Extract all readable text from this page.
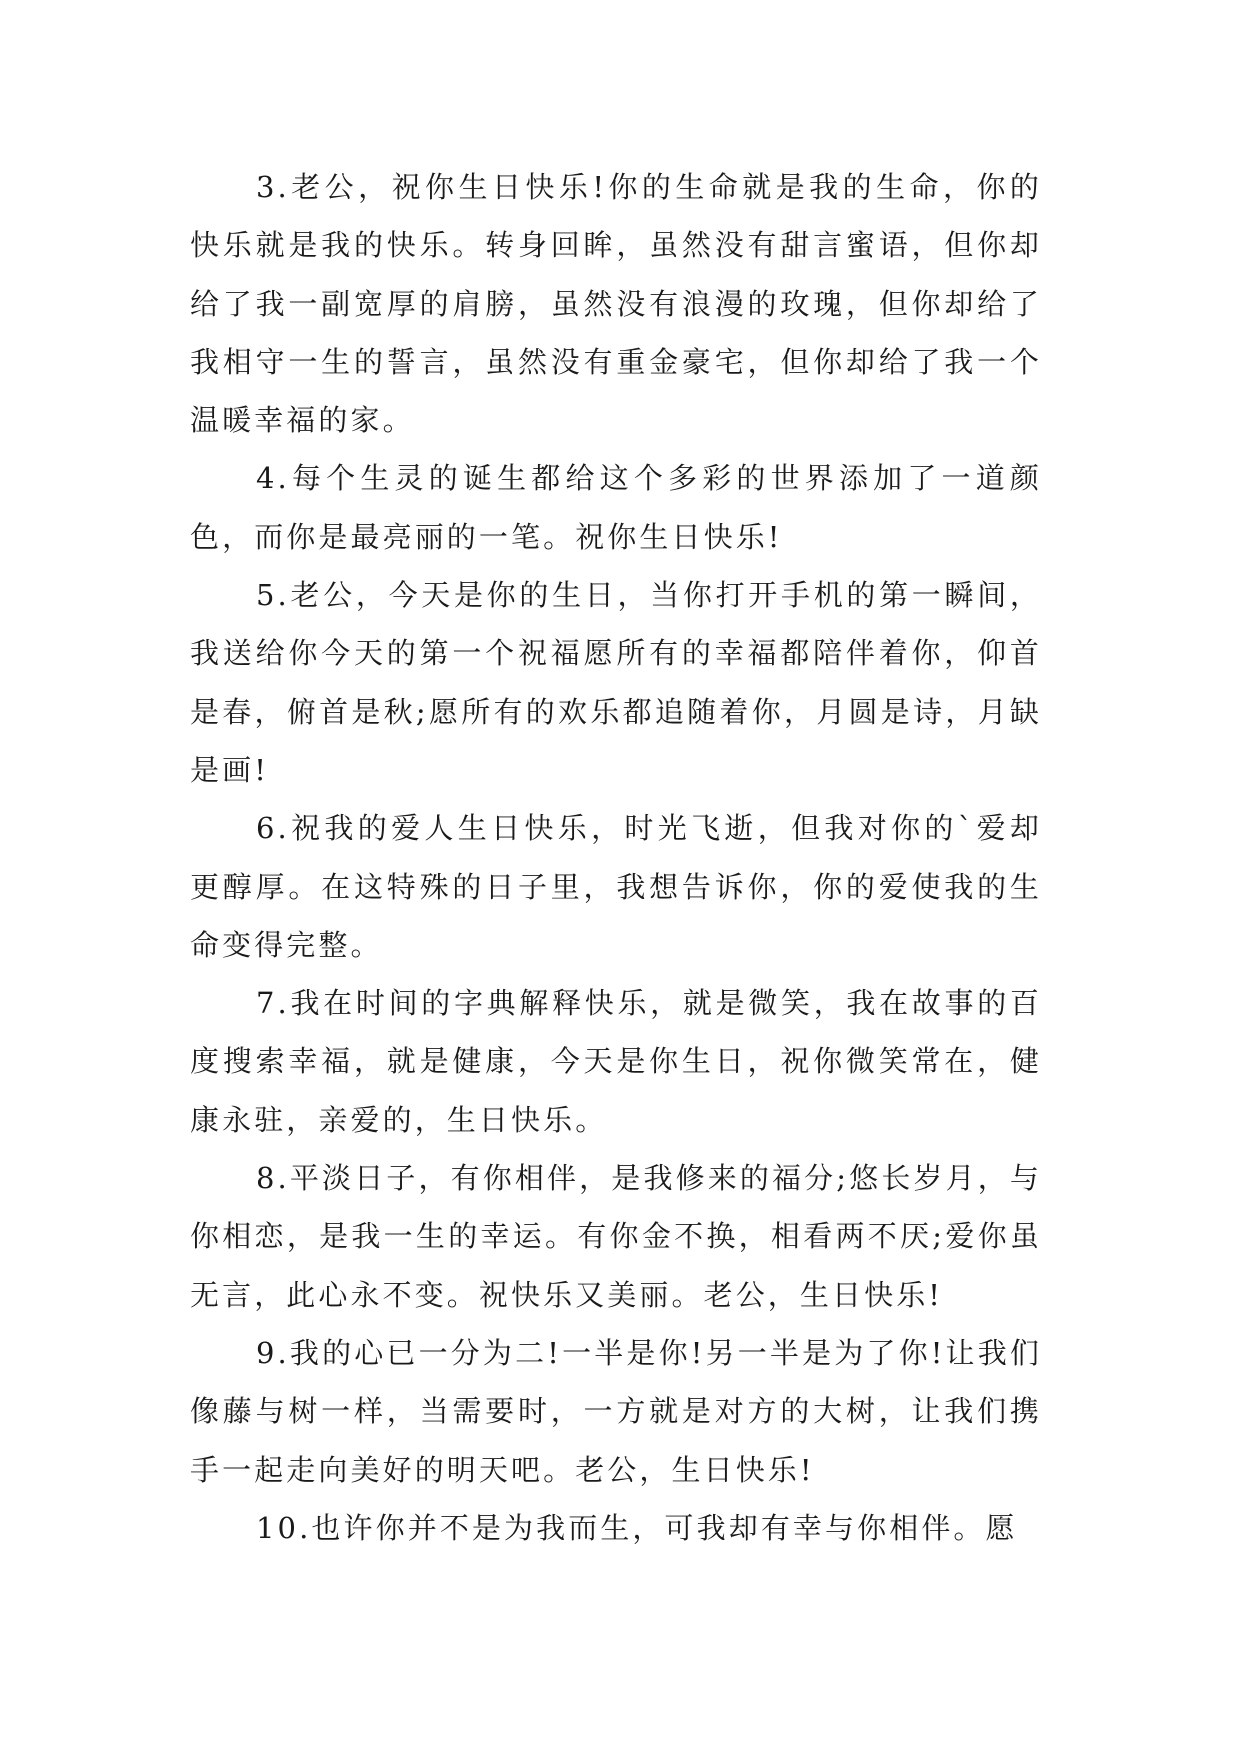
3.老公，祝你生日快乐!你的生命就是我的生命，你的快乐就是我的快乐。转身回眸，虽然没有甜言蜜语，但你却给了我一副宽厚的肩膀，虽然没有浪漫的玫瑰，但你却给了我相守一生的誓言，虽然没有重金豪宅，但你却给了我一个温暖幸福的家。

4.每个生灵的诞生都给这个多彩的世界添加了一道颜色，而你是最亮丽的一笔。祝你生日快乐!

5.老公，今天是你的生日，当你打开手机的第一瞬间，我送给你今天的第一个祝福愿所有的幸福都陪伴着你，仰首是春，俯首是秋;愿所有的欢乐都追随着你，月圆是诗，月缺是画!

6.祝我的爱人生日快乐，时光飞逝，但我对你的`爱却更醇厚。在这特殊的日子里，我想告诉你，你的爱使我的生命变得完整。

7.我在时间的字典解释快乐，就是微笑，我在故事的百度搜索幸福，就是健康，今天是你生日，祝你微笑常在，健康永驻，亲爱的，生日快乐。

8.平淡日子，有你相伴，是我修来的福分;悠长岁月，与你相恋，是我一生的幸运。有你金不换，相看两不厌;爱你虽无言，此心永不变。祝快乐又美丽。老公，生日快乐!

9.我的心已一分为二!一半是你!另一半是为了你!让我们像藤与树一样，当需要时，一方就是对方的大树，让我们携手一起走向美好的明天吧。老公，生日快乐!

10.也许你并不是为我而生，可我却有幸与你相伴。愿
